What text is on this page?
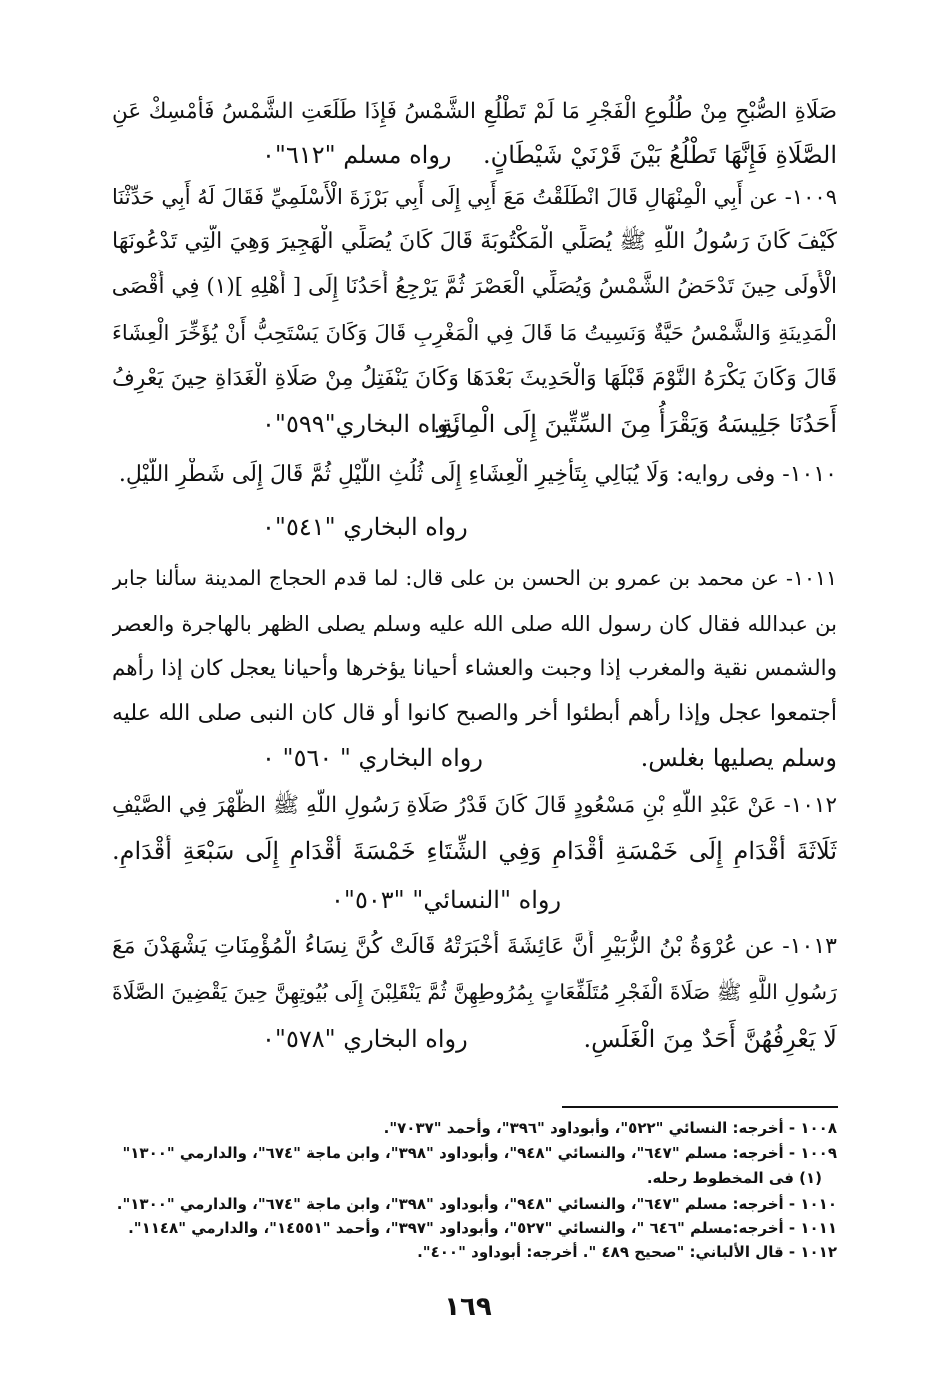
صَلَاةِ الصُّبْحِ مِنْ طُلُوعِ الْفَجْرِ مَا لَمْ تَطْلُعِ الشَّمْسُ فَإِذَا طَلَعَتِ الشَّمْسُ فَأَمْسِكْ عَنِ
الصَّلَاةِ فَإِنَّهَا تَطْلُعُ بَيْنَ قَرْنَيْ شَيْطَانٍ.
رواه مسلم "٦١٢"٠
١٠٠٩- عن أَبِي الْمِنْهَالِ قَالَ انْطَلَقْتُ مَعَ أَبِي إِلَى أَبِي بَرْزَةَ الْأَسْلَمِيِّ فَقَالَ لَهُ أَبِي حَدِّثْنَا
كَيْفَ كَانَ رَسُولُ اللَّهِ ﷺ يُصَلِّي الْمَكْتُوبَةَ قَالَ كَانَ يُصَلِّي الْهَجِيرَ وَهِيَ الَّتِي تَدْعُونَهَا
الْأُولَى حِينَ تَدْحَضُ الشَّمْسُ وَيُصَلِّي الْعَصْرَ ثُمَّ يَرْجِعُ أَحَدُنَا إِلَى [ أَهْلِهِ ](١) فِي أَقْصَى
الْمَدِينَةِ وَالشَّمْسُ حَيَّةٌ وَنَسِيتُ مَا قَالَ فِي الْمَغْرِبِ قَالَ وَكَانَ يَسْتَحِبُّ أَنْ يُؤَخِّرَ الْعِشَاءَ
قَالَ وَكَانَ يَكْرَهُ النَّوْمَ قَبْلَهَا وَالْحَدِيثَ بَعْدَهَا وَكَانَ يَنْفَتِلُ مِنْ صَلَاةِ الْغَدَاةِ حِينَ يَعْرِفُ
أَحَدُنَا جَلِيسَهُ وَيَقْرَأُ مِنَ السِّتِّينَ إِلَى الْمِائَةِ.
رواه البخاري"٥٩٩"٠
١٠١٠- وفى روايه: وَلَا يُبَالِي بِتَأْخِيرِ الْعِشَاءِ إِلَى ثُلُثِ اللَّيْلِ ثُمَّ قَالَ إِلَى شَطْرِ اللَّيْلِ.
رواه البخاري "٥٤١"٠
١٠١١- عن محمد بن عمرو بن الحسن بن على قال: لما قدم الحجاج المدينة سألنا جابر
بن عبدالله فقال كان رسول الله صلى الله عليه وسلم يصلى الظهر بالهاجرة والعصر
والشمس نقية والمغرب إذا وجبت والعشاء أحيانا يؤخرها وأحيانا يعجل كان إذا رأهم
أجتمعوا عجل وإذا رأهم أبطئوا أخر والصبح كانوا أو قال كان النبى صلى الله عليه
وسلم يصليها بغلس.
رواه البخاري " ٥٦٠" ٠
١٠١٢- عَنْ عَبْدِ اللَّهِ بْنِ مَسْعُودٍ قَالَ كَانَ قَدْرُ صَلَاةِ رَسُولِ اللَّهِ ﷺ الظُّهْرَ فِي الصَّيْفِ
ثَلَاثَةَ أَقْدَامٍ إِلَى خَمْسَةِ أَقْدَامٍ وَفِي الشِّتَاءِ خَمْسَةَ أَقْدَامٍ إِلَى سَبْعَةِ أَقْدَامٍ.
رواه "النسائي" "٥٠٣"٠
١٠١٣- عن عُرْوَةُ بْنُ الزُّبَيْرِ أَنَّ عَائِشَةَ أَخْبَرَتْهُ قَالَتْ كُنَّ نِسَاءُ الْمُؤْمِنَاتِ يَشْهَدْنَ مَعَ
رَسُولِ اللَّهِ ﷺ صَلَاةَ الْفَجْرِ مُتَلَفِّعَاتٍ بِمُرُوطِهِنَّ ثُمَّ يَنْقَلِبْنَ إِلَى بُيُوتِهِنَّ حِينَ يَقْضِينَ الصَّلَاةَ
لَا يَعْرِفُهُنَّ أَحَدٌ مِنَ الْغَلَسِ.
رواه البخاري "٥٧٨"٠
١٠٠٨ - أخرجه: النسائي "٥٢٢"، وأبوداود "٣٩٦"، وأحمد "٧٠٣٧".
١٠٠٩ - أخرجه: مسلم "٦٤٧"، والنسائي "٩٤٨"، وأبوداود "٣٩٨"، وابن ماجة "٦٧٤"، والدارمي "١٣٠٠"
(١) فى المخطوط رحله.
١٠١٠ - أخرجه: مسلم "٦٤٧"، والنسائي "٩٤٨"، وأبوداود "٣٩٨"، وابن ماجة "٦٧٤"، والدارمي "١٣٠٠".
١٠١١ - أخرجه:مسلم "٦٤٦ "، والنسائي "٥٢٧"، وأبوداود "٣٩٧"، وأحمد "١٤٥٥١"، والدارمي "١١٤٨".
١٠١٢ - قال الألباني: "صحيح ٤٨٩ ". أخرجه: أبوداود "٤٠٠".
١٦٩
